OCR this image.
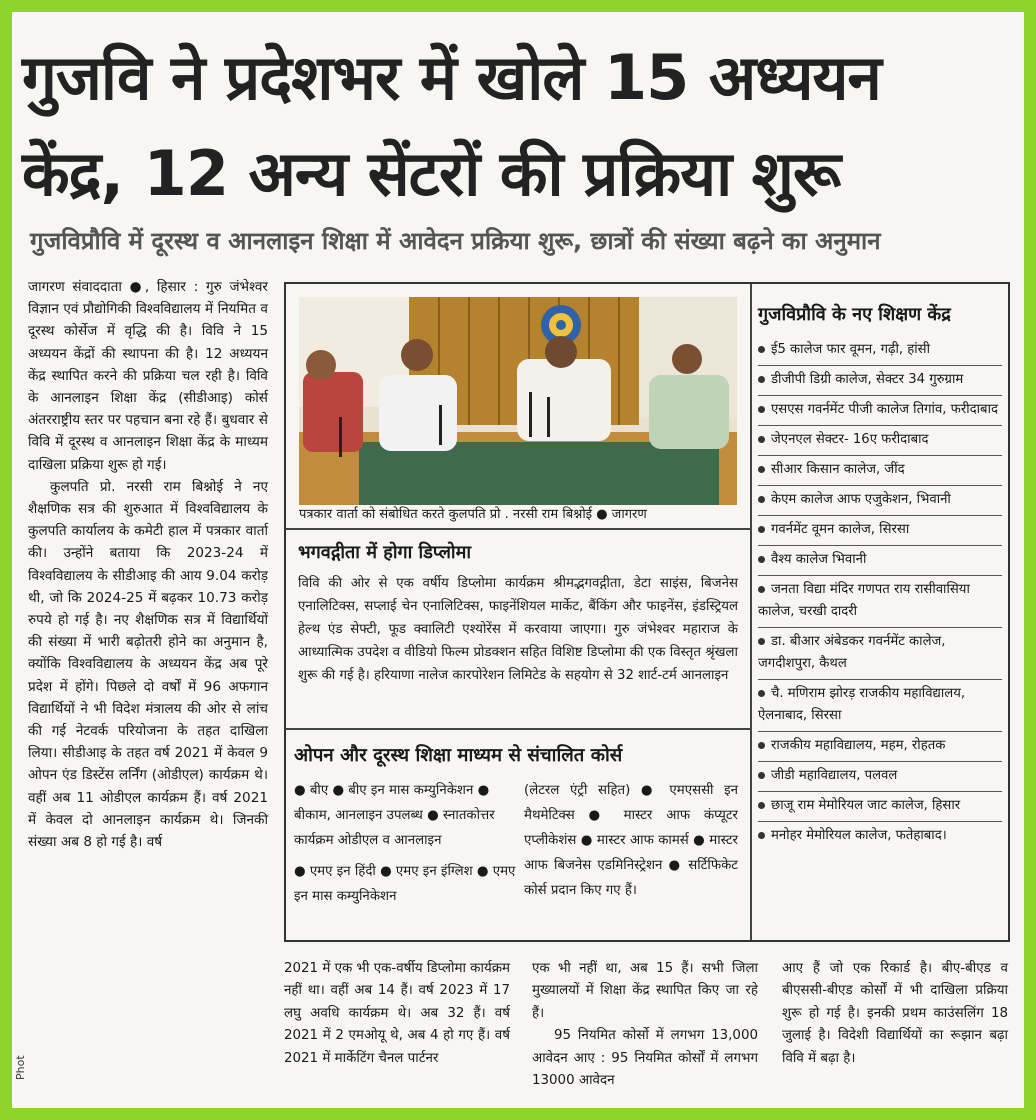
गुजवि ने प्रदेशभर में खोले 15 अध्ययन
केंद्र, 12 अन्य सेंटरों की प्रक्रिया शुरू
गुजविप्रौवि में दूरस्थ व आनलाइन शिक्षा में आवेदन प्रक्रिया शुरू, छात्रों की संख्या बढ़ने का अनुमान

जागरण संवाददाता ●, हिसार : गुरु जंभेश्वर विज्ञान एवं प्रौद्योगिकी विश्वविद्यालय में नियमित व दूरस्थ कोर्सेज में वृद्धि की है। विवि ने 15 अध्ययन केंद्रों की स्थापना की है। 12 अध्ययन केंद्र स्थापित करने की प्रक्रिया चल रही है। विवि के आनलाइन शिक्षा केंद्र (सीडीआइ) कोर्स अंतरराष्ट्रीय स्तर पर पहचान बना रहे हैं। बुधवार से विवि में दूरस्थ व आनलाइन शिक्षा केंद्र के माध्यम दाखिला प्रक्रिया शुरू हो गई।

कुलपति प्रो. नरसी राम बिश्नोई ने नए शैक्षणिक सत्र की शुरुआत में विश्वविद्यालय के कुलपति कार्यालय के कमेटी हाल में पत्रकार वार्ता की। उन्होंने बताया कि 2023-24 में विश्वविद्यालय के सीडीआइ की आय 9.04 करोड़ थी, जो कि 2024-25 में बढ़कर 10.73 करोड़ रुपये हो गई है। नए शैक्षणिक सत्र में विद्यार्थियों की संख्या में भारी बढ़ोतरी होने का अनुमान है, क्योंकि विश्वविद्यालय के अध्ययन केंद्र अब पूरे प्रदेश में होंगे। पिछले दो वर्षों में 96 अफगान विद्यार्थियों ने भी विदेश मंत्रालय की ओर से लांच की गई नेटवर्क परियोजना के तहत दाखिला लिया। सीडीआइ के तहत वर्ष 2021 में केवल 9 ओपन एंड डिस्टेंस लर्निंग (ओडीएल) कार्यक्रम थे। वहीं अब 11 ओडीएल कार्यक्रम हैं। वर्ष 2021 में केवल दो आनलाइन कार्यक्रम थे। जिनकी संख्या अब 8 हो गई है। वर्ष

पत्रकार वार्ता को संबोधित करते कुलपति प्रो . नरसी राम बिश्नोई ● जागरण
भगवद्गीता में होगा डिप्लोमा
विवि की ओर से एक वर्षीय डिप्लोमा कार्यक्रम श्रीमद्भगवद्गीता, डेटा साइंस, बिजनेस एनालिटिक्स, सप्लाई चेन एनालिटिक्स, फाइनेंशियल मार्केट, बैंकिंग और फाइनेंस, इंडस्ट्रियल हेल्थ एंड सेफ्टी, फूड क्वालिटी एश्योरेंस में करवाया जाएगा। गुरु जंभेश्वर महाराज के आध्यात्मिक उपदेश व वीडियो फिल्म प्रोडक्शन सहित विशिष्ट डिप्लोमा की एक विस्तृत श्रृंखला शुरू की गई है। हरियाणा नालेज कारपोरेशन लिमिटेड के सहयोग से 32 शार्ट-टर्म आनलाइन
ओपन और दूरस्थ शिक्षा माध्यम से संचालित कोर्स
● बीए ● बीए इन मास कम्युनिकेशन ● बीकाम, आनलाइन उपलब्ध ● स्नातकोत्तर कार्यक्रम ओडीएल व आनलाइन
● एमए इन हिंदी ● एमए इन इंग्लिश ● एमए इन मास कम्युनिकेशन
(लेटरल एंट्री सहित) ● एमएससी इन मैथमेटिक्स ● मास्टर आफ कंप्यूटर एप्लीकेशंस ● मास्टर आफ कामर्स ● मास्टर आफ बिजनेस एडमिनिस्ट्रेशन ● सर्टिफिकेट कोर्स प्रदान किए गए हैं।
गुजविप्रौवि के नए शिक्षण केंद्र
ई5 कालेज फार वूमन, गढ़ी, हांसी
डीजीपी डिग्री कालेज, सेक्टर 34 गुरुग्राम
एसएस गवर्नमेंट पीजी कालेज तिगांव, फरीदाबाद
जेएनएल सेक्टर- 16ए फरीदाबाद
सीआर किसान कालेज, जींद
केएम कालेज आफ एजुकेशन, भिवानी
गवर्नमेंट वूमन कालेज, सिरसा
वैश्य कालेज भिवानी
जनता विद्या मंदिर गणपत राय रासीवासिया कालेज, चरखी दादरी
डा. बीआर अंबेडकर गवर्नमेंट कालेज, जगदीशपुरा, कैथल
चै. मणिराम झोरड़ राजकीय महाविद्यालय, ऐलनाबाद, सिरसा
राजकीय महाविद्यालय, महम, रोहतक
जीडी महाविद्यालय, पलवल
छाजू राम मेमोरियल जाट कालेज, हिसार
मनोहर मेमोरियल कालेज, फतेहाबाद।

2021 में एक भी एक-वर्षीय डिप्लोमा कार्यक्रम नहीं था। वहीं अब 14 हैं। वर्ष 2023 में 17 लघु अवधि कार्यक्रम थे। अब 32 हैं। वर्ष 2021 में 2 एमओयू थे, अब 4 हो गए हैं। वर्ष 2021 में मार्केटिंग चैनल पार्टनर

एक भी नहीं था, अब 15 हैं। सभी जिला मुख्यालयों में शिक्षा केंद्र स्थापित किए जा रहे हैं।

95 नियमित कोर्सो में लगभग 13,000 आवेदन आए : 95 नियमित कोर्सों में लगभग 13000 आवेदन

आए हैं जो एक रिकार्ड है। बीए-बीएड व बीएससी-बीएड कोर्सों में भी दाखिला प्रक्रिया शुरू हो गई है। इनकी प्रथम काउंसलिंग 18 जुलाई है। विदेशी विद्यार्थियों का रूझान बढ़ा विवि में बढ़ा है।

Phot
